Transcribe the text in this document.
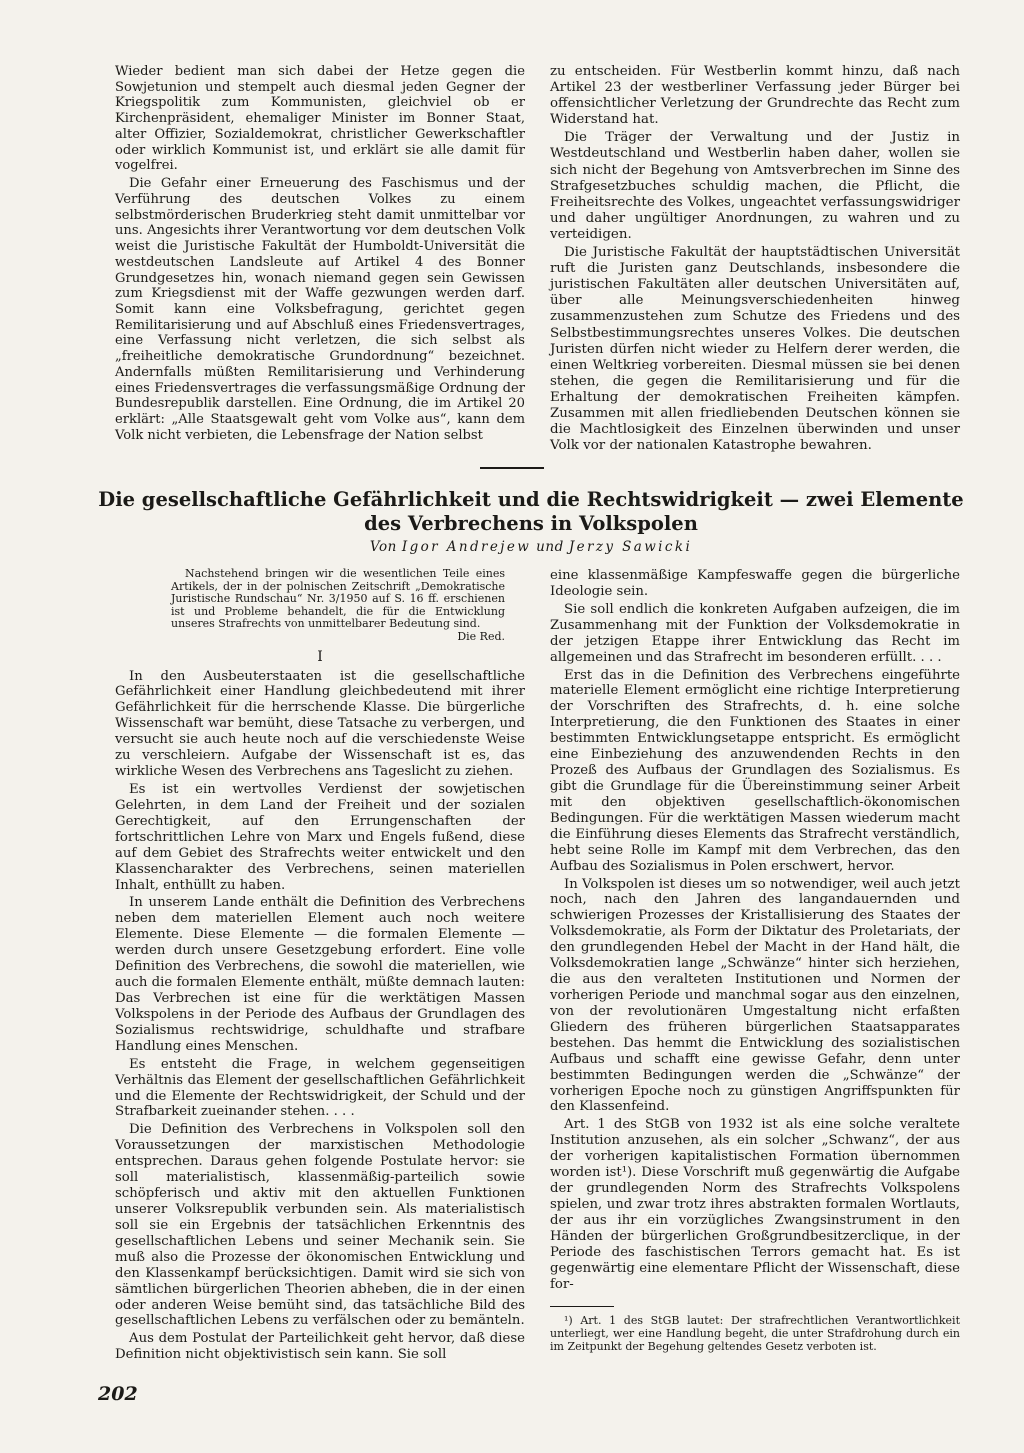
Wieder bedient man sich dabei der Hetze gegen die Sowjetunion und stempelt auch diesmal jeden Gegner der Kriegspolitik zum Kommunisten, gleichviel ob er Kirchenpräsident, ehemaliger Minister im Bonner Staat, alter Offizier, Sozialdemokrat, christlicher Gewerkschaftler oder wirklich Kommunist ist, und erklärt sie alle damit für vogelfrei.

Die Gefahr einer Erneuerung des Faschismus und der Verführung des deutschen Volkes zu einem selbstmörderischen Bruderkrieg steht damit unmittelbar vor uns. Angesichts ihrer Verantwortung vor dem deutschen Volk weist die Juristische Fakultät der Humboldt-Universität die westdeutschen Landsleute auf Artikel 4 des Bonner Grundgesetzes hin, wonach niemand gegen sein Gewissen zum Kriegsdienst mit der Waffe gezwungen werden darf. Somit kann eine Volksbefragung, gerichtet gegen Remilitarisierung und auf Abschluß eines Friedensvertrages, eine Verfassung nicht verletzen, die sich selbst als „freiheitliche demokratische Grundordnung“ bezeichnet. Andernfalls müßten Remilitarisierung und Verhinderung eines Friedensvertrages die verfassungsmäßige Ordnung der Bundesrepublik darstellen. Eine Ordnung, die im Artikel 20 erklärt: „Alle Staatsgewalt geht vom Volke aus“, kann dem Volk nicht verbieten, die Lebensfrage der Nation selbst

zu entscheiden. Für Westberlin kommt hinzu, daß nach Artikel 23 der westberliner Verfassung jeder Bürger bei offensichtlicher Verletzung der Grundrechte das Recht zum Widerstand hat.

Die Träger der Verwaltung und der Justiz in Westdeutschland und Westberlin haben daher, wollen sie sich nicht der Begehung von Amtsverbrechen im Sinne des Strafgesetzbuches schuldig machen, die Pflicht, die Freiheitsrechte des Volkes, ungeachtet verfassungswidriger und daher ungültiger Anordnungen, zu wahren und zu verteidigen.

Die Juristische Fakultät der hauptstädtischen Universität ruft die Juristen ganz Deutschlands, insbesondere die juristischen Fakultäten aller deutschen Universitäten auf, über alle Meinungsverschiedenheiten hinweg zusammenzustehen zum Schutze des Friedens und des Selbstbestimmungsrechtes unseres Volkes. Die deutschen Juristen dürfen nicht wieder zu Helfern derer werden, die einen Weltkrieg vorbereiten. Diesmal müssen sie bei denen stehen, die gegen die Remilitarisierung und für die Erhaltung der demokratischen Freiheiten kämpfen. Zusammen mit allen friedliebenden Deutschen können sie die Machtlosigkeit des Einzelnen überwinden und unser Volk vor der nationalen Katastrophe bewahren.

Die gesellschaftliche Gefährlichkeit und die Rechtswidrigkeit — zwei Elemente
des Verbrechens in Volkspolen
Von Igor Andrejew und Jerzy Sawicki

Nachstehend bringen wir die wesentlichen Teile eines Artikels, der in der polnischen Zeitschrift „Demokratische Juristische Rundschau“ Nr. 3/1950 auf S. 16 ff. erschienen ist und Probleme behandelt, die für die Entwicklung unseres Strafrechts von unmittelbarer Bedeutung sind.

Die Red.

I

In den Ausbeuterstaaten ist die gesellschaftliche Gefährlichkeit einer Handlung gleichbedeutend mit ihrer Gefährlichkeit für die herrschende Klasse. Die bürgerliche Wissenschaft war bemüht, diese Tatsache zu verbergen, und versucht sie auch heute noch auf die verschiedenste Weise zu verschleiern. Aufgabe der Wissenschaft ist es, das wirkliche Wesen des Verbrechens ans Tageslicht zu ziehen.

Es ist ein wertvolles Verdienst der sowjetischen Gelehrten, in dem Land der Freiheit und der sozialen Gerechtigkeit, auf den Errungenschaften der fortschrittlichen Lehre von Marx und Engels fußend, diese auf dem Gebiet des Strafrechts weiter entwickelt und den Klassencharakter des Verbrechens, seinen materiellen Inhalt, enthüllt zu haben.

In unserem Lande enthält die Definition des Verbrechens neben dem materiellen Element auch noch weitere Elemente. Diese Elemente — die formalen Elemente — werden durch unsere Gesetzgebung erfordert. Eine volle Definition des Verbrechens, die sowohl die materiellen, wie auch die formalen Elemente enthält, müßte demnach lauten: Das Verbrechen ist eine für die werktätigen Massen Volkspolens in der Periode des Aufbaus der Grundlagen des Sozialismus rechtswidrige, schuldhafte und strafbare Handlung eines Menschen.

Es entsteht die Frage, in welchem gegenseitigen Verhältnis das Element der gesellschaftlichen Gefährlichkeit und die Elemente der Rechtswidrigkeit, der Schuld und der Strafbarkeit zueinander stehen. . . .

Die Definition des Verbrechens in Volkspolen soll den Voraussetzungen der marxistischen Methodologie entsprechen. Daraus gehen folgende Postulate hervor: sie soll materialistisch, klassenmäßig-parteilich sowie schöpferisch und aktiv mit den aktuellen Funktionen unserer Volksrepublik verbunden sein. Als materialistisch soll sie ein Ergebnis der tatsächlichen Erkenntnis des gesellschaftlichen Lebens und seiner Mechanik sein. Sie muß also die Prozesse der ökonomischen Entwicklung und den Klassenkampf berücksichtigen. Damit wird sie sich von sämtlichen bürgerlichen Theorien abheben, die in der einen oder anderen Weise bemüht sind, das tatsächliche Bild des gesellschaftlichen Lebens zu verfälschen oder zu bemänteln.

Aus dem Postulat der Parteilichkeit geht hervor, daß diese Definition nicht objektivistisch sein kann. Sie soll

eine klassenmäßige Kampfeswaffe gegen die bürgerliche Ideologie sein.

Sie soll endlich die konkreten Aufgaben aufzeigen, die im Zusammenhang mit der Funktion der Volksdemokratie in der jetzigen Etappe ihrer Entwicklung das Recht im allgemeinen und das Strafrecht im besonderen erfüllt. . . .

Erst das in die Definition des Verbrechens eingeführte materielle Element ermöglicht eine richtige Interpretierung der Vorschriften des Strafrechts, d. h. eine solche Interpretierung, die den Funktionen des Staates in einer bestimmten Entwicklungsetappe entspricht. Es ermöglicht eine Einbeziehung des anzuwendenden Rechts in den Prozeß des Aufbaus der Grundlagen des Sozialismus. Es gibt die Grundlage für die Übereinstimmung seiner Arbeit mit den objektiven gesellschaftlich-ökonomischen Bedingungen. Für die werktätigen Massen wiederum macht die Einführung dieses Elements das Strafrecht verständlich, hebt seine Rolle im Kampf mit dem Verbrechen, das den Aufbau des Sozialismus in Polen erschwert, hervor.

In Volkspolen ist dieses um so notwendiger, weil auch jetzt noch, nach den Jahren des langandauernden und schwierigen Prozesses der Kristallisierung des Staates der Volksdemokratie, als Form der Diktatur des Proletariats, der den grundlegenden Hebel der Macht in der Hand hält, die Volksdemokratien lange „Schwänze“ hinter sich herziehen, die aus den veralteten Institutionen und Normen der vorherigen Periode und manchmal sogar aus den einzelnen, von der revolutionären Umgestaltung nicht erfaßten Gliedern des früheren bürgerlichen Staatsapparates bestehen. Das hemmt die Entwicklung des sozialistischen Aufbaus und schafft eine gewisse Gefahr, denn unter bestimmten Bedingungen werden die „Schwänze“ der vorherigen Epoche noch zu günstigen Angriffspunkten für den Klassenfeind.

Art. 1 des StGB von 1932 ist als eine solche veraltete Institution anzusehen, als ein solcher „Schwanz“, der aus der vorherigen kapitalistischen Formation übernommen worden ist¹). Diese Vorschrift muß gegenwärtig die Aufgabe der grundlegenden Norm des Strafrechts Volkspolens spielen, und zwar trotz ihres abstrakten formalen Wortlauts, der aus ihr ein vorzügliches Zwangsinstrument in den Händen der bürgerlichen Großgrundbesitzerclique, in der Periode des faschistischen Terrors gemacht hat. Es ist gegenwärtig eine elementare Pflicht der Wissenschaft, diese for-

¹) Art. 1 des StGB lautet: Der strafrechtlichen Verantwortlichkeit unterliegt, wer eine Handlung begeht, die unter Strafdrohung durch ein im Zeitpunkt der Begehung geltendes Gesetz verboten ist.

202
